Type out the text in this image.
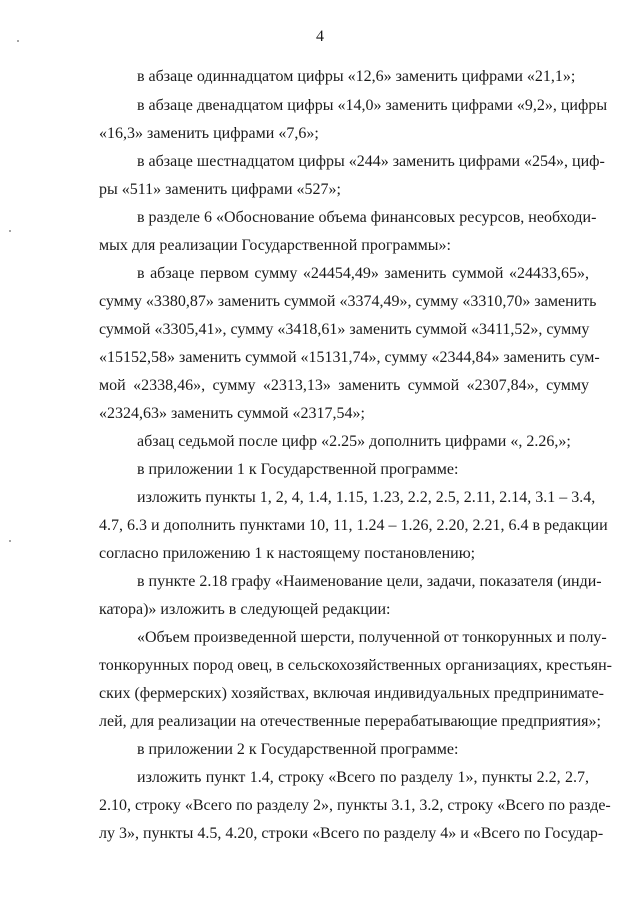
4
в абзаце одиннадцатом цифры «12,6» заменить цифрами «21,1»;
в абзаце двенадцатом цифры «14,0» заменить цифрами «9,2», цифры
«16,3» заменить цифрами «7,6»;
в абзаце шестнадцатом цифры «244» заменить цифрами «254», циф-
ры «511» заменить цифрами «527»;
в разделе 6 «Обоснование объема финансовых ресурсов, необходи-
мых для реализации Государственной программы»:
в абзаце первом сумму «24454,49» заменить суммой «24433,65»,
сумму «3380,87» заменить суммой «3374,49», сумму «3310,70» заменить
суммой «3305,41», сумму «3418,61» заменить суммой «3411,52», сумму
«15152,58» заменить суммой «15131,74», сумму «2344,84» заменить сум-
мой «2338,46», сумму «2313,13» заменить суммой «2307,84», сумму
«2324,63» заменить суммой «2317,54»;
абзац седьмой после цифр «2.25» дополнить цифрами «, 2.26,»;
в приложении 1 к Государственной программе:
изложить пункты 1, 2, 4, 1.4, 1.15, 1.23, 2.2, 2.5, 2.11, 2.14, 3.1 – 3.4,
4.7, 6.3 и дополнить пунктами 10, 11, 1.24 – 1.26, 2.20, 2.21, 6.4 в редакции
согласно приложению 1 к настоящему постановлению;
в пункте 2.18 графу «Наименование цели, задачи, показателя (инди-
катора)» изложить в следующей редакции:
«Объем произведенной шерсти, полученной от тонкорунных и полу-
тонкорунных пород овец, в сельскохозяйственных организациях, крестьян-
ских (фермерских) хозяйствах, включая индивидуальных предпринимате-
лей, для реализации на отечественные перерабатывающие предприятия»;
в приложении 2 к Государственной программе:
изложить пункт 1.4, строку «Всего по разделу 1», пункты 2.2, 2.7,
2.10, строку «Всего по разделу 2», пункты 3.1, 3.2, строку «Всего по разде-
лу 3», пункты 4.5, 4.20, строки «Всего по разделу 4» и «Всего по Государ-
